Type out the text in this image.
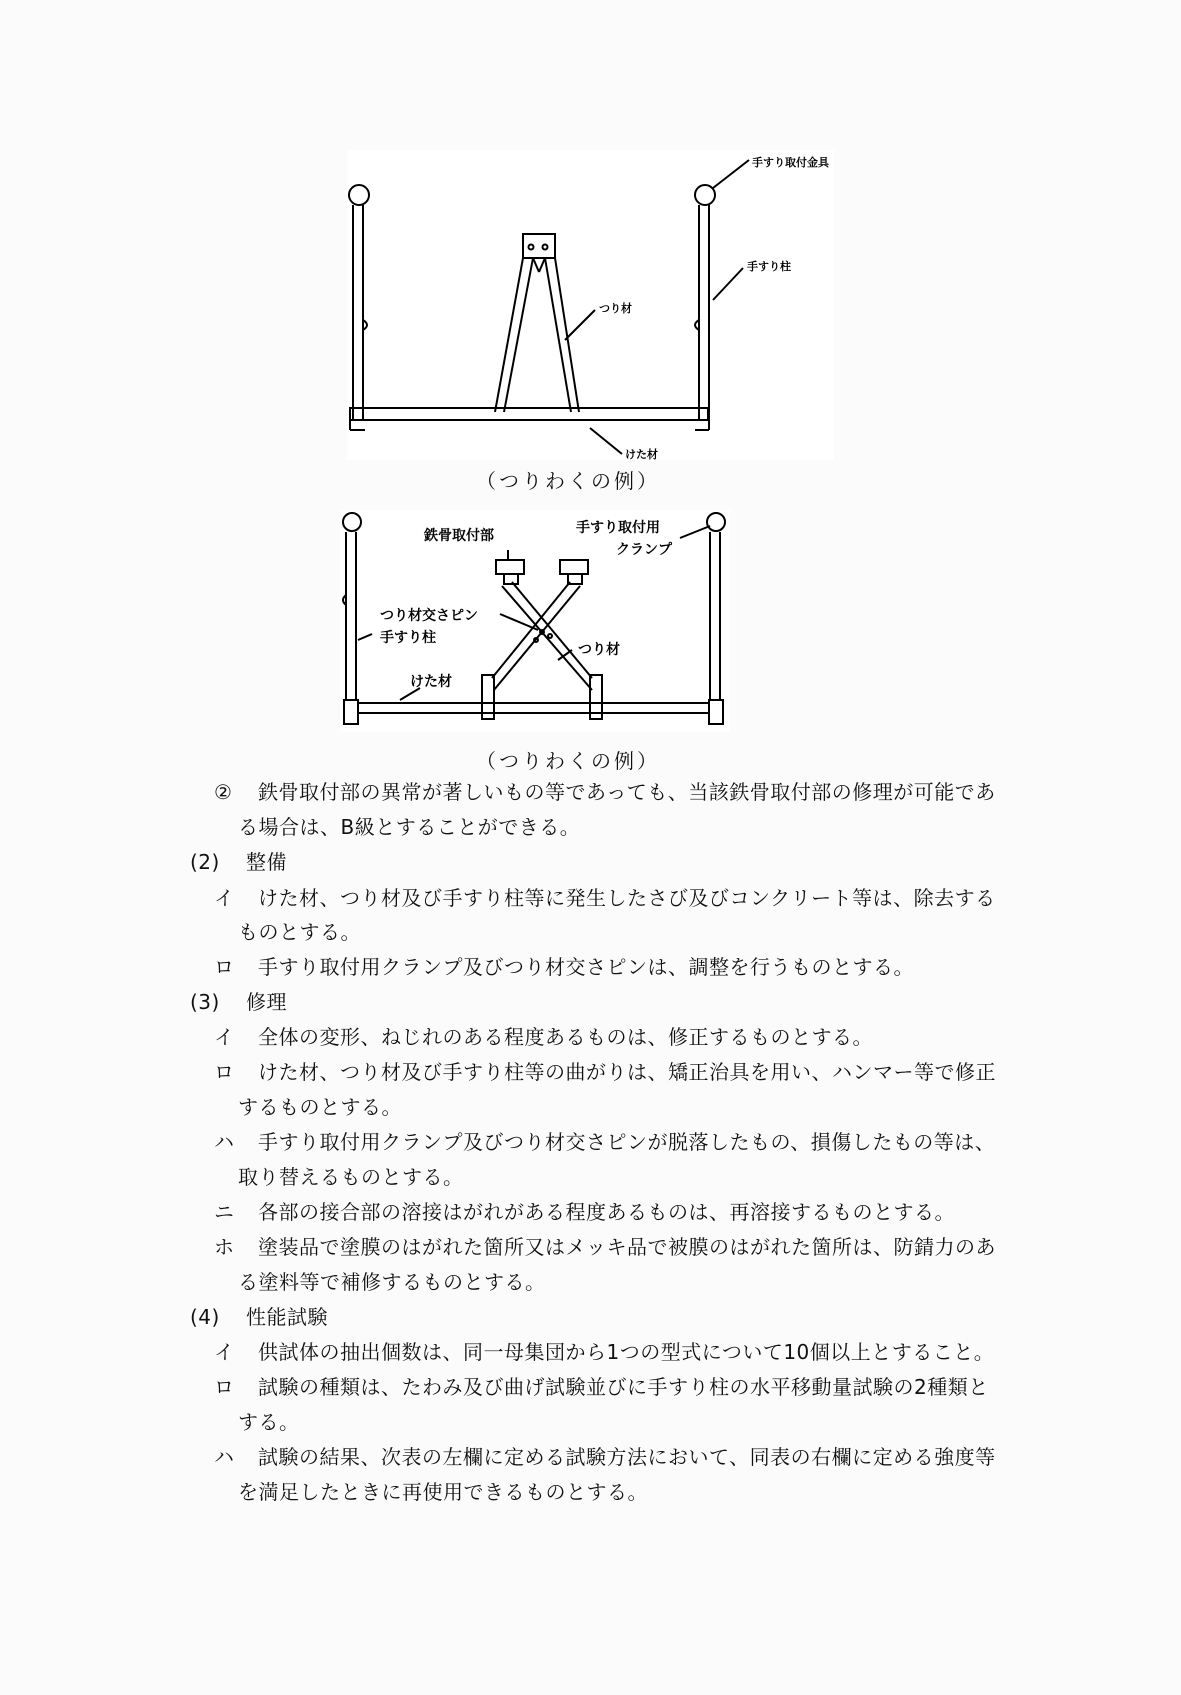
手すり取付金具
手すり柱
つり材
けた材
（つりわくの例）
鉄骨取付部	手すり取付用
クランプ
つり材交さピン
つり材
手すり柱
けた材
（つりわくの例）
② 鉄骨取付部の異常が著しいもの等であっても、当該鉄骨取付部の修理が可能であ
る場合は、B級とすることができる。
(2) 整備
イ けた材、つり材及び手すり柱等に発生したさび及びコンクリート等は、除去する
ものとする。
ロ 手すり取付用クランプ及びつり材交さピンは、調整を行うものとする。
(3) 修理
イ 全体の変形、ねじれのある程度あるものは、修正するものとする。
ロ けた材、つり材及び手すり柱等の曲がりは、矯正治具を用い、ハンマー等で修正
するものとする。
ハ 手すり取付用クランプ及びつり材交さピンが脱落したもの、損傷したもの等は、
取り替えるものとする。
ニ 各部の接合部の溶接はがれがある程度あるものは、再溶接するものとする。
ホ 塗装品で塗膜のはがれた箇所又はメッキ品で被膜のはがれた箇所は、防錆力のあ
る塗料等で補修するものとする。
(4) 性能試験
イ 供試体の抽出個数は、同一母集団から1つの型式について10個以上とすること。
ロ 試験の種類は、たわみ及び曲げ試験並びに手すり柱の水平移動量試験の2種類と
する。
ハ 試験の結果、次表の左欄に定める試験方法において、同表の右欄に定める強度等
を満足したときに再使用できるものとする。
